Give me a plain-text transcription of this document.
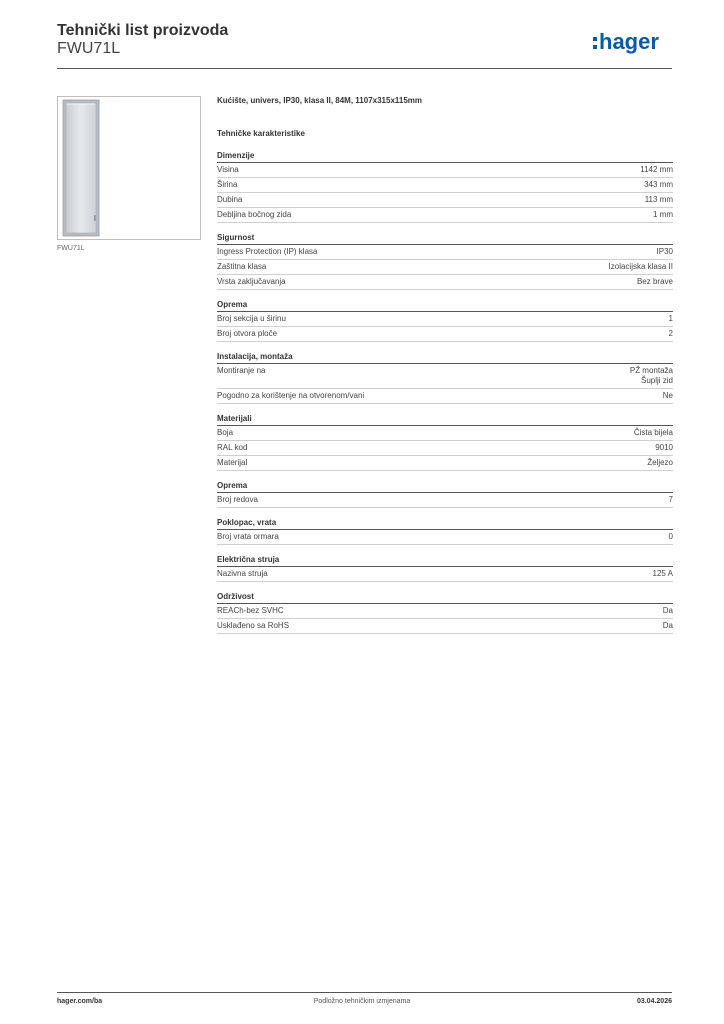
Tehnički list proizvoda
FWU71L	hager
FWU71L
Kućište, univers, IP30, klasa II, 84M, 1107x315x115mm
Tehničke karakteristike
Dimenzije
Visina	1142 mm
Širina	343 mm
Dubina	113 mm
Debljina bočnog zida	1 mm
Sigurnost
Ingress Protection (IP) klasa	IP30
Zaštitna klasa	Izolacijska klasa II
Vrsta zaključavanja	Bez brave
Oprema
Broj sekcija u širinu	1
Broj otvora ploče	2
Instalacija, montaža
Montiranje na	PŽ montaža
Šuplji zid
Pogodno za korištenje na otvorenom/vani	Ne
Materijali
Boja	Čista bijela
RAL kod	9010
Materijal	Željezo
Oprema
Broj redova	7
Poklopac, vrata
Broj vrata ormara	0
Električna struja
Nazivna struja	125 A
Održivost
REACh-bez SVHC	Da
Usklađeno sa RoHS	Da
hager.com/ba	Podložno tehničkim izmjenama	03.04.2026
